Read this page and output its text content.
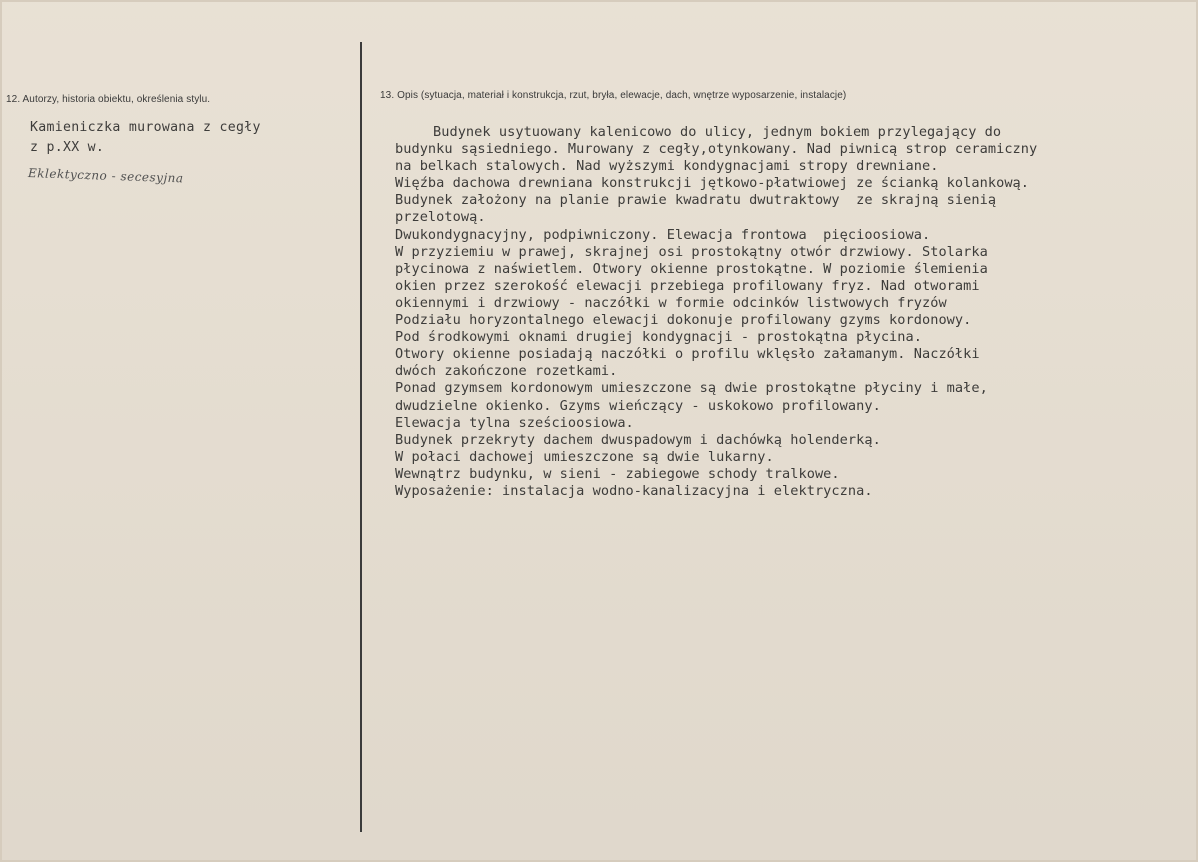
12. Autorzy, historia obiektu, określenia stylu.	13. Opis (sytuacja, materiał i konstrukcja, rzut, bryła, elewacje, dach, wnętrze wyposarzenie, instalacje)
Kamieniczka murowana z cegły
z p.XX w.
Eklektyczno - secesyjna
Budynek usytuowany kalenicowo do ulicy, jednym bokiem przylegający do
budynku sąsiedniego. Murowany z cegły,otynkowany. Nad piwnicą strop ceramiczny
na belkach stalowych. Nad wyższymi kondygnacjami stropy drewniane.
Więźba dachowa drewniana konstrukcji jętkowo-płatwiowej ze ścianką kolankową.
Budynek założony na planie prawie kwadratu dwutraktowy  ze skrajną sienią
przelotową.
Dwukondygnacyjny, podpiwniczony. Elewacja frontowa  pięcioosiowa.
W przyziemiu w prawej, skrajnej osi prostokątny otwór drzwiowy. Stolarka
płycinowa z naświetlem. Otwory okienne prostokątne. W poziomie ślemienia
okien przez szerokość elewacji przebiega profilowany fryz. Nad otworami
okiennymi i drzwiowy - naczółki w formie odcinków listwowych fryzów
Podziału horyzontalnego elewacji dokonuje profilowany gzyms kordonowy.
Pod środkowymi oknami drugiej kondygnacji - prostokątna płycina.
Otwory okienne posiadają naczółki o profilu wklęsło załamanym. Naczółki
dwóch zakończone rozetkami.
Ponad gzymsem kordonowym umieszczone są dwie prostokątne płyciny i małe,
dwudzielne okienko. Gzyms wieńczący - uskokowo profilowany.
Elewacja tylna sześcioosiowa.
Budynek przekryty dachem dwuspadowym i dachówką holenderką.
W połaci dachowej umieszczone są dwie lukarny.
Wewnątrz budynku, w sieni - zabiegowe schody tralkowe.
Wyposażenie: instalacja wodno-kanalizacyjna i elektryczna.
